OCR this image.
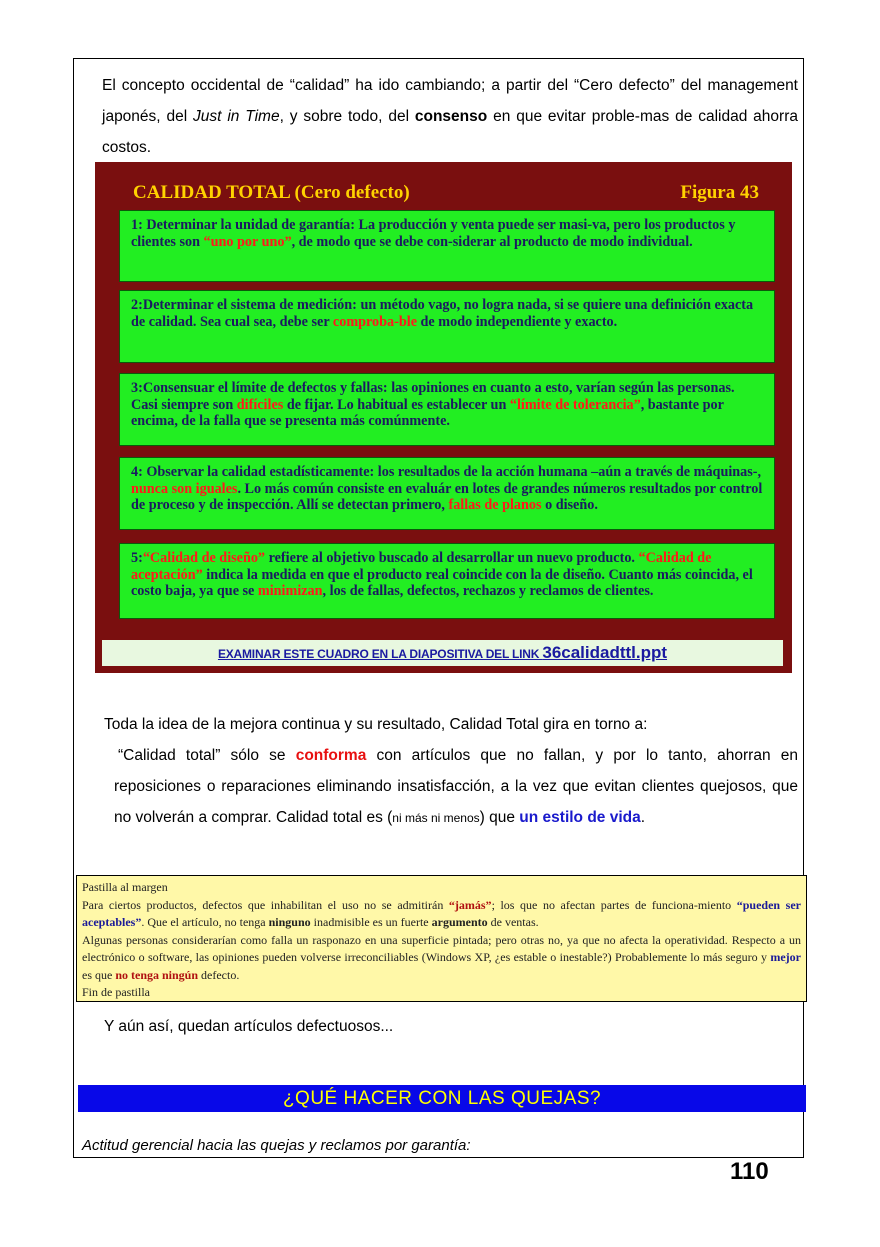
El concepto occidental de “calidad” ha ido cambiando; a partir del “Cero defecto” del management japonés, del Just in Time, y sobre todo, del consenso en que evitar proble-mas de calidad ahorra costos.
CALIDAD TOTAL (Cero defecto)	Figura 43
1: Determinar la unidad de garantía: La producción y venta puede ser masi-va, pero los productos y clientes son “uno por uno”, de modo que se debe con-siderar al producto de modo individual.
2:Determinar el sistema de medición: un método vago, no logra nada, si se quiere una definición exacta de calidad. Sea cual sea, debe ser comproba-ble de modo independiente y exacto.
3:Consensuar el límite de defectos y fallas: las opiniones en cuanto a esto, varían según las personas. Casi siempre son difíciles de fijar. Lo habitual es establecer un “límite de tolerancia”, bastante por encima, de la falla que se presenta más comúnmente.
4: Observar la calidad estadísticamente: los resultados de la acción humana –aún a través de máquinas-, nunca son iguales. Lo más común consiste en evaluár en lotes de grandes números resultados por control de proceso y de inspección. Allí se detectan primero, fallas de planos o diseño.
5:“Calidad de diseño” refiere al objetivo buscado al desarrollar un nuevo producto. “Calidad de aceptación” indica la medida en que el producto real coincide con la de diseño. Cuanto más coincida, el costo baja, ya que se minimizan, los de fallas, defectos, rechazos y reclamos de clientes.
EXAMINAR ESTE CUADRO EN LA DIAPOSITIVA DEL LINK 36calidadttl.ppt
Toda la idea de la mejora continua y su resultado, Calidad Total gira en torno a:
“Calidad total” sólo se conforma con artículos que no fallan, y por lo tanto, ahorran en reposiciones o reparaciones eliminando insatisfacción, a la vez que evitan clientes quejosos, que no volverán a comprar. Calidad total es (ni más ni menos) que un estilo de vida.
Pastilla al margen
Para ciertos productos, defectos que inhabilitan el uso no se admitirán “jamás”; los que no afectan partes de funciona-miento “pueden ser aceptables”. Que el artículo, no tenga ninguno inadmisible es un fuerte argumento de ventas.
Algunas personas considerarían como falla un rasponazo en una superficie pintada; pero otras no, ya que no afecta la operatividad. Respecto a un electrónico o software, las opiniones pueden volverse irreconciliables (Windows XP, ¿es estable o inestable?) Probablemente lo más seguro y mejor es que no tenga ningún defecto.
Fin de pastilla
Y aún así, quedan artículos defectuosos...
¿QUÉ HACER CON LAS QUEJAS?
Actitud gerencial hacia las quejas y reclamos por garantía:
110
